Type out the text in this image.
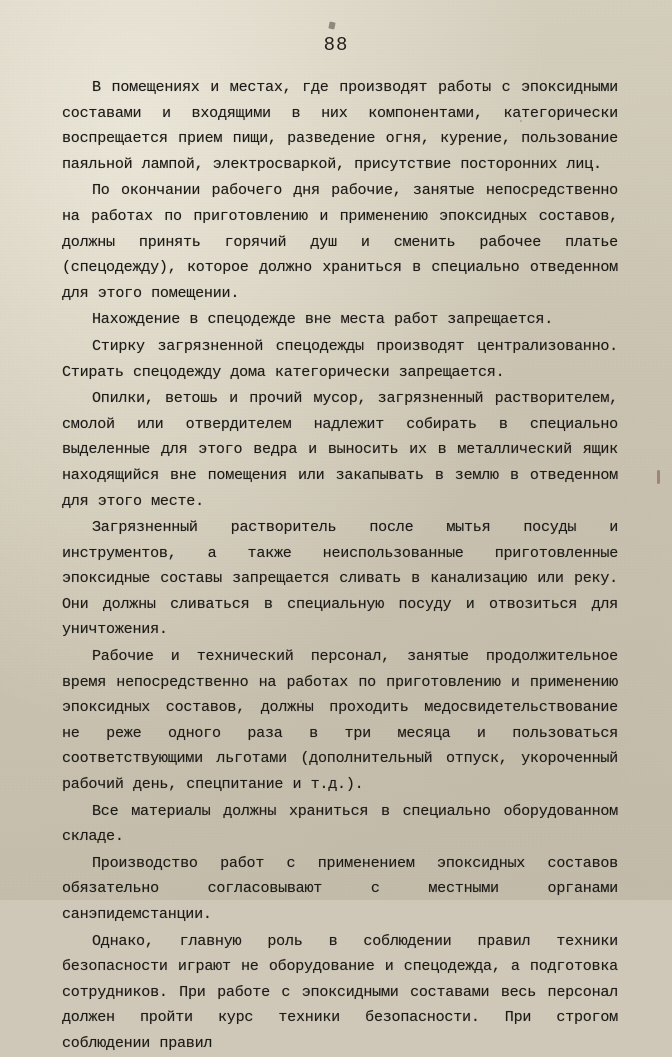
88

В помещениях и местах, где производят работы с эпоксидными составами и входящими в них компонентами, категорически воспрещается прием пищи, разведение огня, курение, пользование паяльной лампой, электросваркой, присутствие посторонних лиц.

По окончании рабочего дня рабочие, занятые непосредственно на работах по приготовлению и применению эпоксидных составов, должны принять горячий душ и сменить рабочее платье (спецодежду), которое должно храниться в специально отведенном для этого помещении.

Нахождение в спецодежде вне места работ запрещается.

Стирку загрязненной спецодежды производят централизованно. Стирать спецодежду дома категорически запрещается.

Опилки, ветошь и прочий мусор, загрязненный растворителем, смолой или отвердителем надлежит собирать в специально выделенные для этого ведра и выносить их в металлический ящик находящийся вне помещения или закапывать в землю в отведенном для этого месте.

Загрязненный растворитель после мытья посуды и инструментов, а также неиспользованные приготовленные эпоксидные составы запрещается сливать в канализацию или реку. Они должны сливаться в специальную посуду и отвозиться для уничтожения.

Рабочие и технический персонал, занятые продолжительное время непосредственно на работах по приготовлению и применению эпоксидных составов, должны проходить медосвидетельствование не реже одного раза в три месяца и пользоваться соответствующими льготами (дополнительный отпуск, укороченный рабочий день, спецпитание и т.д.).

Все материалы должны храниться в специально оборудованном складе.

Производство работ с применением эпоксидных составов обязательно согласовывают с местными органами санэпидемстанции.

Однако, главную роль в соблюдении правил техники безопасности играют не оборудование и спецодежда, а подготовка сотрудников. При работе с эпоксидными составами весь персонал должен пройти курс техники безопасности. При строгом соблюдении правил
